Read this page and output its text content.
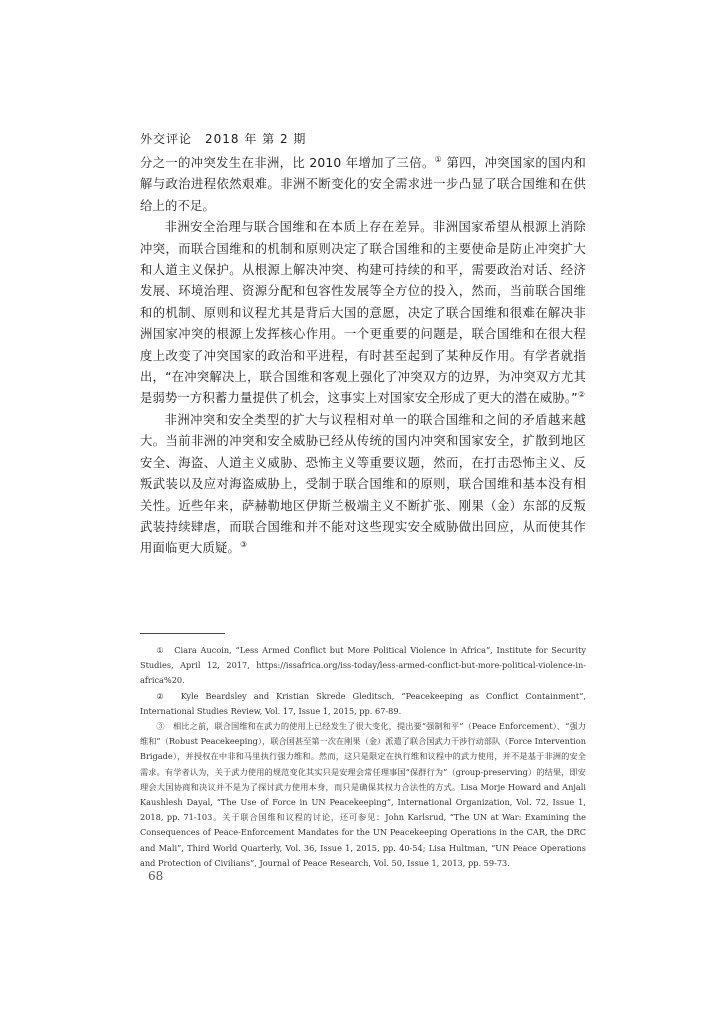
外交评论　2018 年 第 2 期

分之一的冲突发生在非洲，比 2010 年增加了三倍。① 第四，冲突国家的国内和解与政治进程依然艰难。非洲不断变化的安全需求进一步凸显了联合国维和在供给上的不足。

非洲安全治理与联合国维和在本质上存在差异。非洲国家希望从根源上消除冲突，而联合国维和的机制和原则决定了联合国维和的主要使命是防止冲突扩大和人道主义保护。从根源上解决冲突、构建可持续的和平，需要政治对话、经济发展、环境治理、资源分配和包容性发展等全方位的投入，然而，当前联合国维和的机制、原则和议程尤其是背后大国的意愿，决定了联合国维和很难在解决非洲国家冲突的根源上发挥核心作用。一个更重要的问题是，联合国维和在很大程度上改变了冲突国家的政治和平进程，有时甚至起到了某种反作用。有学者就指出，“在冲突解决上，联合国维和客观上强化了冲突双方的边界，为冲突双方尤其是弱势一方积蓄力量提供了机会，这事实上对国家安全形成了更大的潜在威胁。”②

非洲冲突和安全类型的扩大与议程相对单一的联合国维和之间的矛盾越来越大。当前非洲的冲突和安全威胁已经从传统的国内冲突和国家安全，扩散到地区安全、海盗、人道主义威胁、恐怖主义等重要议题，然而，在打击恐怖主义、反叛武装以及应对海盗威胁上，受制于联合国维和的原则，联合国维和基本没有相关性。近些年来，萨赫勒地区伊斯兰极端主义不断扩张、刚果（金）东部的反叛武装持续肆虐，而联合国维和并不能对这些现实安全威胁做出回应，从而使其作用面临更大质疑。③

①　Ciara Aucoin, “Less Armed Conflict but More Political Violence in Africa”, Institute for Security Studies, April 12, 2017, https://issafrica.org/iss-today/less-armed-conflict-but-more-political-violence-in-africa%20.

②　Kyle Beardsley and Kristian Skrede Gleditsch, “Peacekeeping as Conflict Containment”, International Studies Review, Vol. 17, Issue 1, 2015, pp. 67-89.

③　相比之前，联合国维和在武力的使用上已经发生了很大变化，提出要“强制和平”（Peace Enforcement）、“强力维和”（Robust Peacekeeping），联合国甚至第一次在刚果（金）派遣了联合国武力干涉行动部队（Force Intervention Brigade），并授权在中非和马里执行强力维和。然而，这只是限定在执行维和议程中的武力使用，并不是基于非洲的安全需求。有学者认为，关于武力使用的规范变化其实只是安理会常任理事国“保群行为”（group-preserving）的结果，即安理会大国协商和决议并不是为了探讨武力使用本身，而只是确保其权力合法性的方式。Lisa Morje Howard and Anjali Kaushlesh Dayal, “The Use of Force in UN Peacekeeping”, International Organization, Vol. 72, Issue 1, 2018, pp. 71-103。关于联合国维和议程的讨论，还可参见：John Karlsrud, “The UN at War: Examining the Consequences of Peace-Enforcement Mandates for the UN Peacekeeping Operations in the CAR, the DRC and Mali”, Third World Quarterly, Vol. 36, Issue 1, 2015, pp. 40-54; Lisa Hultman, “UN Peace Operations and Protection of Civilians”, Journal of Peace Research, Vol. 50, Issue 1, 2013, pp. 59-73.

68
